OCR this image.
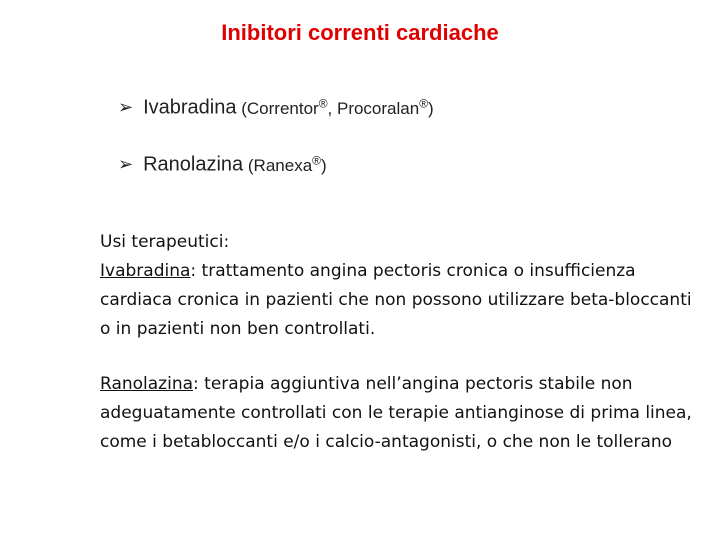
Inibitori correnti cardiache
➢ Ivabradina (Correntor®, Procoralan®)
➢ Ranolazina (Ranexa®)
Usi terapeutici:
Ivabradina: trattamento angina pectoris cronica o insufficienza cardiaca cronica in pazienti che non possono utilizzare beta-bloccanti o in pazienti non ben controllati.
Ranolazina: terapia aggiuntiva nell’angina pectoris stabile non adeguatamente controllati con le terapie antianginose di prima linea, come i betabloccanti e/o i calcio-antagonisti, o che non le tollerano
